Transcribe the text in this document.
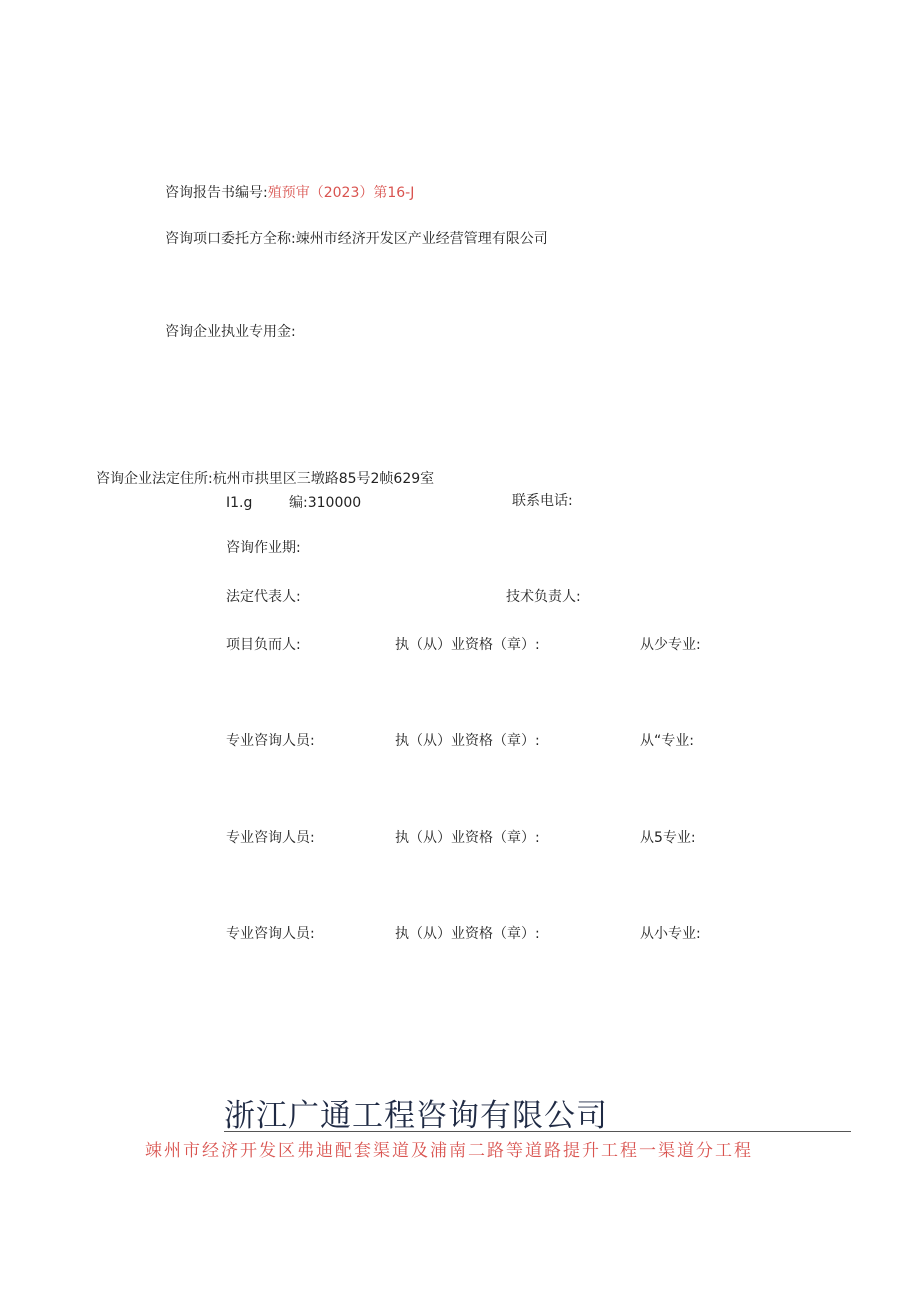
咨询报告书编号:殖预审（2023）第16-J
咨询项口委托方全称:竦州市经济开发区产业经营管理有限公司
咨询企业执业专用金:
咨询企业法定住所:杭州市拱里区三墩路85号2帧629室
I1.g	编:310000	联系电话:
咨询作业期:
法定代表人:	技术负责人:
项目负而人:	执（从）业资格（章）:	从少专业:
专业咨询人员:	执（从）业资格（章）:	从“专业:
专业咨询人员:	执（从）业资格（章）:	从5专业:
专业咨询人员:	执（从）业资格（章）:	从小专业:
浙江广通工程咨询有限公司
竦州市经济开发区弗迪配套渠道及浦南二路等道路提升工程一渠道分工程
